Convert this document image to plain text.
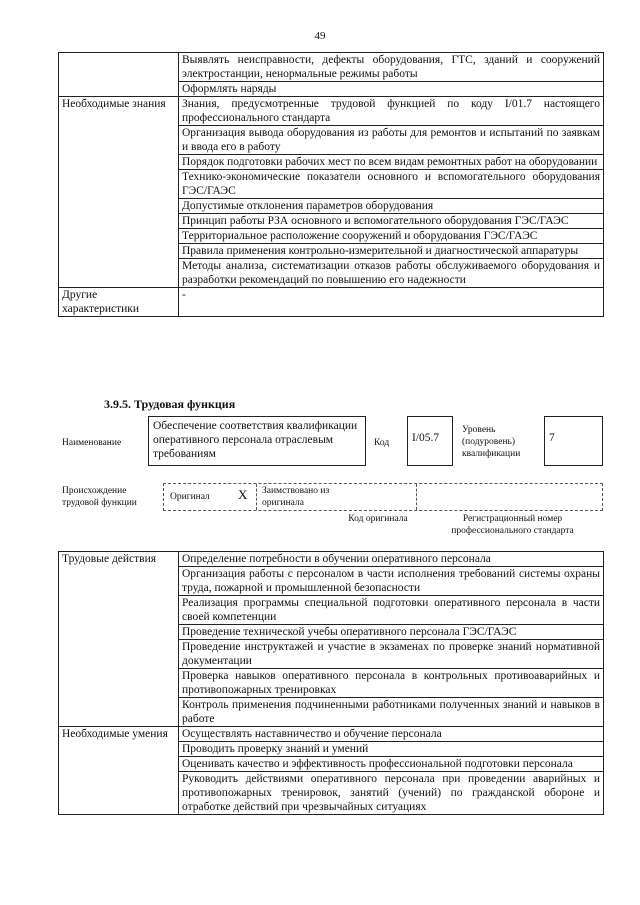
49
	Выявлять неисправности, дефекты оборудования, ГТС, зданий и сооружений электростанции, ненормальные режимы работы
	Оформлять наряды
Необходимые знания	Знания, предусмотренные трудовой функцией по коду I/01.7 настоящего профессионального стандарта
	Организация вывода оборудования из работы для ремонтов и испытаний по заявкам и ввода его в работу
	Порядок подготовки рабочих мест по всем видам ремонтных работ на оборудовании
	Технико-экономические показатели основного и вспомогательного оборудования ГЭС/ГАЭС
	Допустимые отклонения параметров оборудования
	Принцип работы РЗА основного и вспомогательного оборудования ГЭС/ГАЭС
	Территориальное расположение сооружений и оборудования ГЭС/ГАЭС
	Правила применения контрольно-измерительной и диагностической аппаратуры
	Методы анализа, систематизации отказов работы обслуживаемого оборудования и разработки рекомендаций по повышению его надежности
Другие характеристики	-
3.9.5. Трудовая функция
Наименование
Обеспечение соответствия квалификации оперативного персонала отраслевым требованиям
Код	I/05.7
Уровень (подуровень) квалификации
7
Происхождение трудовой функции
Оригинал X Заимствовано из оригинала
Код оригинала	Регистрационный номер профессионального стандарта
Трудовые действия	Определение потребности в обучении оперативного персонала
	Организация работы с персоналом в части исполнения требований системы охраны труда, пожарной и промышленной безопасности
	Реализация программы специальной подготовки оперативного персонала в части своей компетенции
	Проведение технической учебы оперативного персонала ГЭС/ГАЭС
	Проведение инструктажей и участие в экзаменах по проверке знаний нормативной документации
	Проверка навыков оперативного персонала в контрольных противоаварийных и противопожарных тренировках
	Контроль применения подчиненными работниками полученных знаний и навыков в работе
Необходимые умения	Осуществлять наставничество и обучение персонала
	Проводить проверку знаний и умений
	Оценивать качество и эффективность профессиональной подготовки персонала
	Руководить действиями оперативного персонала при проведении аварийных и противопожарных тренировок, занятий (учений) по гражданской обороне и отработке действий при чрезвычайных ситуациях
